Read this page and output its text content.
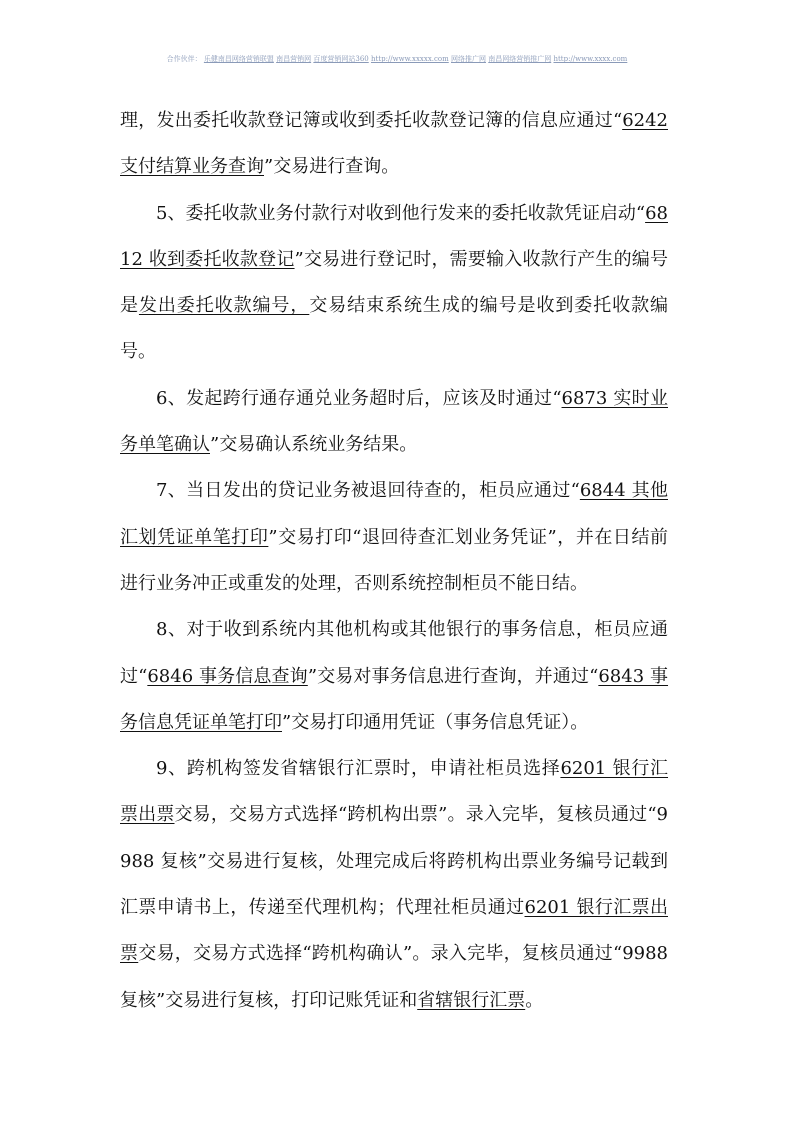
合作伙伴： 乐健南昌网络营销联盟 南昌营销网 百度营销网站360 http://www.xxxxx.com 网络推广网 南昌网络营销推广网 http://www.xxxx.com

理，发出委托收款登记簿或收到委托收款登记簿的信息应通过“6242支付结算业务查询”交易进行查询。

5、委托收款业务付款行对收到他行发来的委托收款凭证启动“6812 收到委托收款登记”交易进行登记时，需要输入收款行产生的编号是发出委托收款编号，交易结束系统生成的编号是收到委托收款编号。

6、发起跨行通存通兑业务超时后，应该及时通过“6873 实时业务单笔确认”交易确认系统业务结果。

7、当日发出的贷记业务被退回待查的，柜员应通过“6844 其他汇划凭证单笔打印”交易打印“退回待查汇划业务凭证”，并在日结前进行业务冲正或重发的处理，否则系统控制柜员不能日结。

8、对于收到系统内其他机构或其他银行的事务信息，柜员应通过“6846 事务信息查询”交易对事务信息进行查询，并通过“6843 事务信息凭证单笔打印”交易打印通用凭证（事务信息凭证）。

9、跨机构签发省辖银行汇票时，申请社柜员选择6201 银行汇票出票交易，交易方式选择“跨机构出票”。录入完毕，复核员通过“9988 复核”交易进行复核，处理完成后将跨机构出票业务编号记载到汇票申请书上，传递至代理机构；代理社柜员通过6201 银行汇票出票交易，交易方式选择“跨机构确认”。录入完毕，复核员通过“9988 复核”交易进行复核，打印记账凭证和省辖银行汇票。
